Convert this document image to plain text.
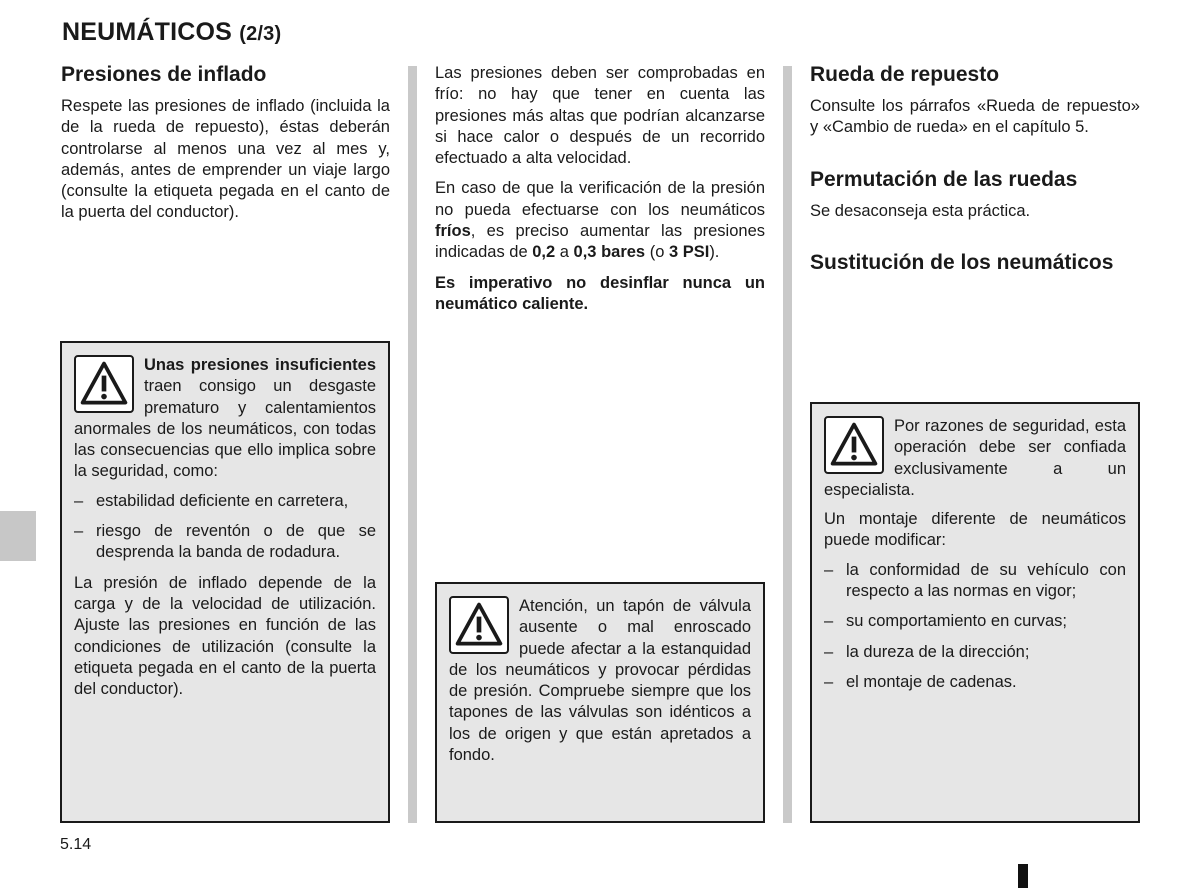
NEUMÁTICOS (2/3)
Presiones de inflado

Respete las presiones de inflado (incluida la de la rueda de repuesto), éstas deberán controlarse al menos una vez al mes y, además, antes de emprender un viaje largo (consulte la etiqueta pegada en el canto de la puerta del conductor).

Unas presiones insuficientes traen consigo un desgaste prematuro y calentamientos anormales de los neumáticos, con todas las consecuencias que ello implica sobre la seguridad, como:

– estabilidad deficiente en carretera,
– riesgo de reventón o de que se desprenda la banda de rodadura.

La presión de inflado depende de la carga y de la velocidad de utilización. Ajuste las presiones en función de las condiciones de utilización (consulte la etiqueta pegada en el canto de la puerta del conductor).

Las presiones deben ser comprobadas en frío: no hay que tener en cuenta las presiones más altas que podrían alcanzarse si hace calor o después de un recorrido efectuado a alta velocidad.

En caso de que la verificación de la presión no pueda efectuarse con los neumáticos fríos, es preciso aumentar las presiones indicadas de 0,2 a 0,3 bares (o 3 PSI).

Es imperativo no desinflar nunca un neumático caliente.

Atención, un tapón de válvula ausente o mal enroscado puede afectar a la estanquidad de los neumáticos y provocar pérdidas de presión. Compruebe siempre que los tapones de las válvulas son idénticos a los de origen y que están apretados a fondo.

Rueda de repuesto

Consulte los párrafos «Rueda de repuesto» y «Cambio de rueda» en el capítulo 5.

Permutación de las ruedas

Se desaconseja esta práctica.

Sustitución de los neumáticos

Por razones de seguridad, esta operación debe ser confiada exclusivamente a un especialista.

Un montaje diferente de neumáticos puede modificar:

– la conformidad de su vehículo con respecto a las normas en vigor;
– su comportamiento en curvas;
– la dureza de la dirección;
– el montaje de cadenas.
5.14
